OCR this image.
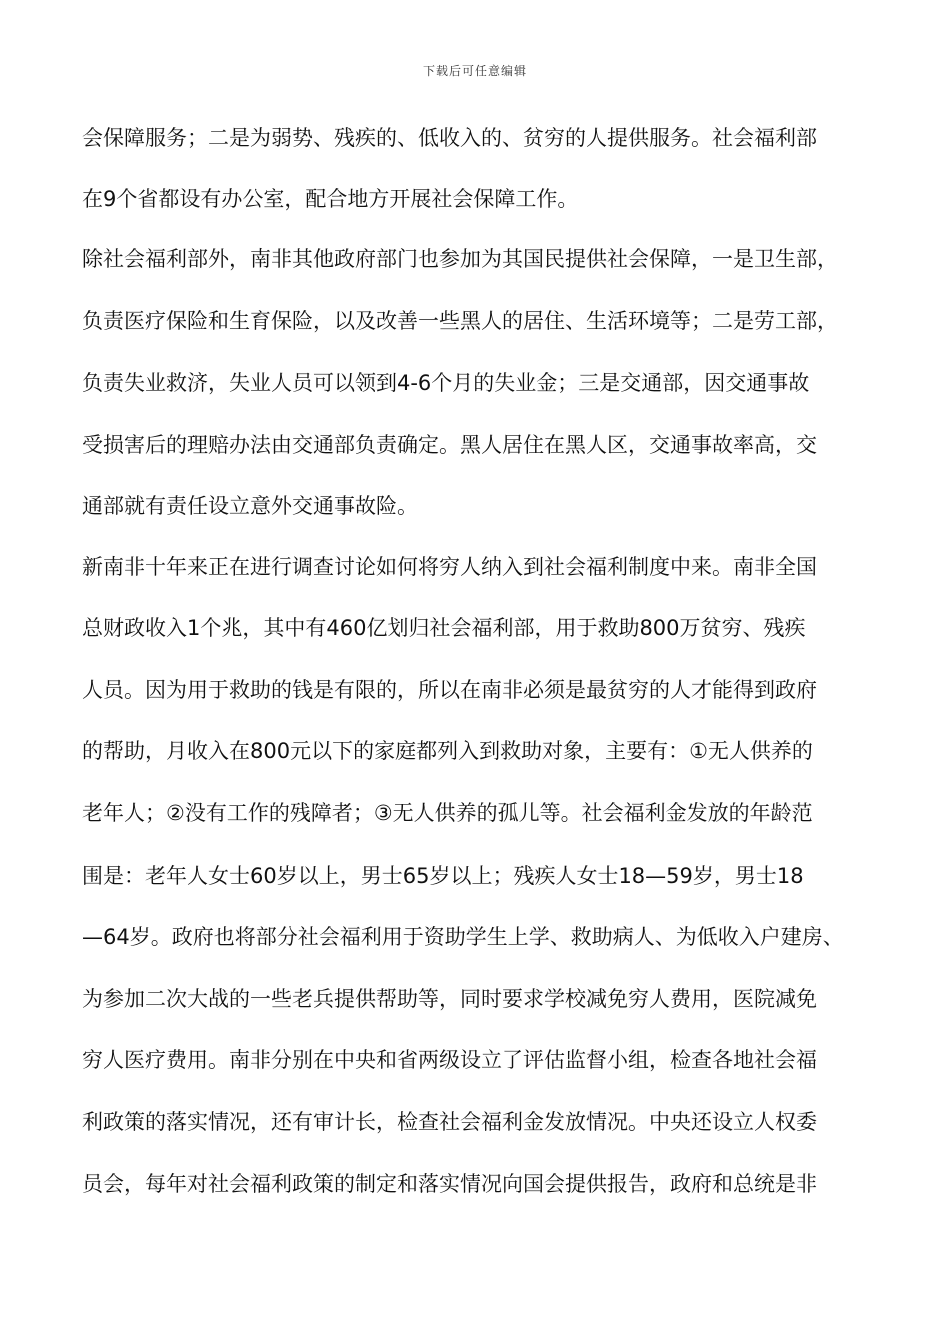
下载后可任意编辑
会保障服务；二是为弱势、残疾的、低收入的、贫穷的人提供服务。社会福利部
在9个省都设有办公室，配合地方开展社会保障工作。
除社会福利部外，南非其他政府部门也参加为其国民提供社会保障，一是卫生部，
负责医疗保险和生育保险，以及改善一些黑人的居住、生活环境等；二是劳工部，
负责失业救济，失业人员可以领到4-6个月的失业金；三是交通部，因交通事故
受损害后的理赔办法由交通部负责确定。黑人居住在黑人区，交通事故率高，交
通部就有责任设立意外交通事故险。
新南非十年来正在进行调查讨论如何将穷人纳入到社会福利制度中来。南非全国
总财政收入1个兆，其中有460亿划归社会福利部，用于救助800万贫穷、残疾
人员。因为用于救助的钱是有限的，所以在南非必须是最贫穷的人才能得到政府
的帮助，月收入在800元以下的家庭都列入到救助对象，主要有：①无人供养的
老年人；②没有工作的残障者；③无人供养的孤儿等。社会福利金发放的年龄范
围是：老年人女士60岁以上，男士65岁以上；残疾人女士18—59岁，男士18
—64岁。政府也将部分社会福利用于资助学生上学、救助病人、为低收入户建房、
为参加二次大战的一些老兵提供帮助等，同时要求学校减免穷人费用，医院减免
穷人医疗费用。南非分别在中央和省两级设立了评估监督小组，检查各地社会福
利政策的落实情况，还有审计长，检查社会福利金发放情况。中央还设立人权委
员会，每年对社会福利政策的制定和落实情况向国会提供报告，政府和总统是非
